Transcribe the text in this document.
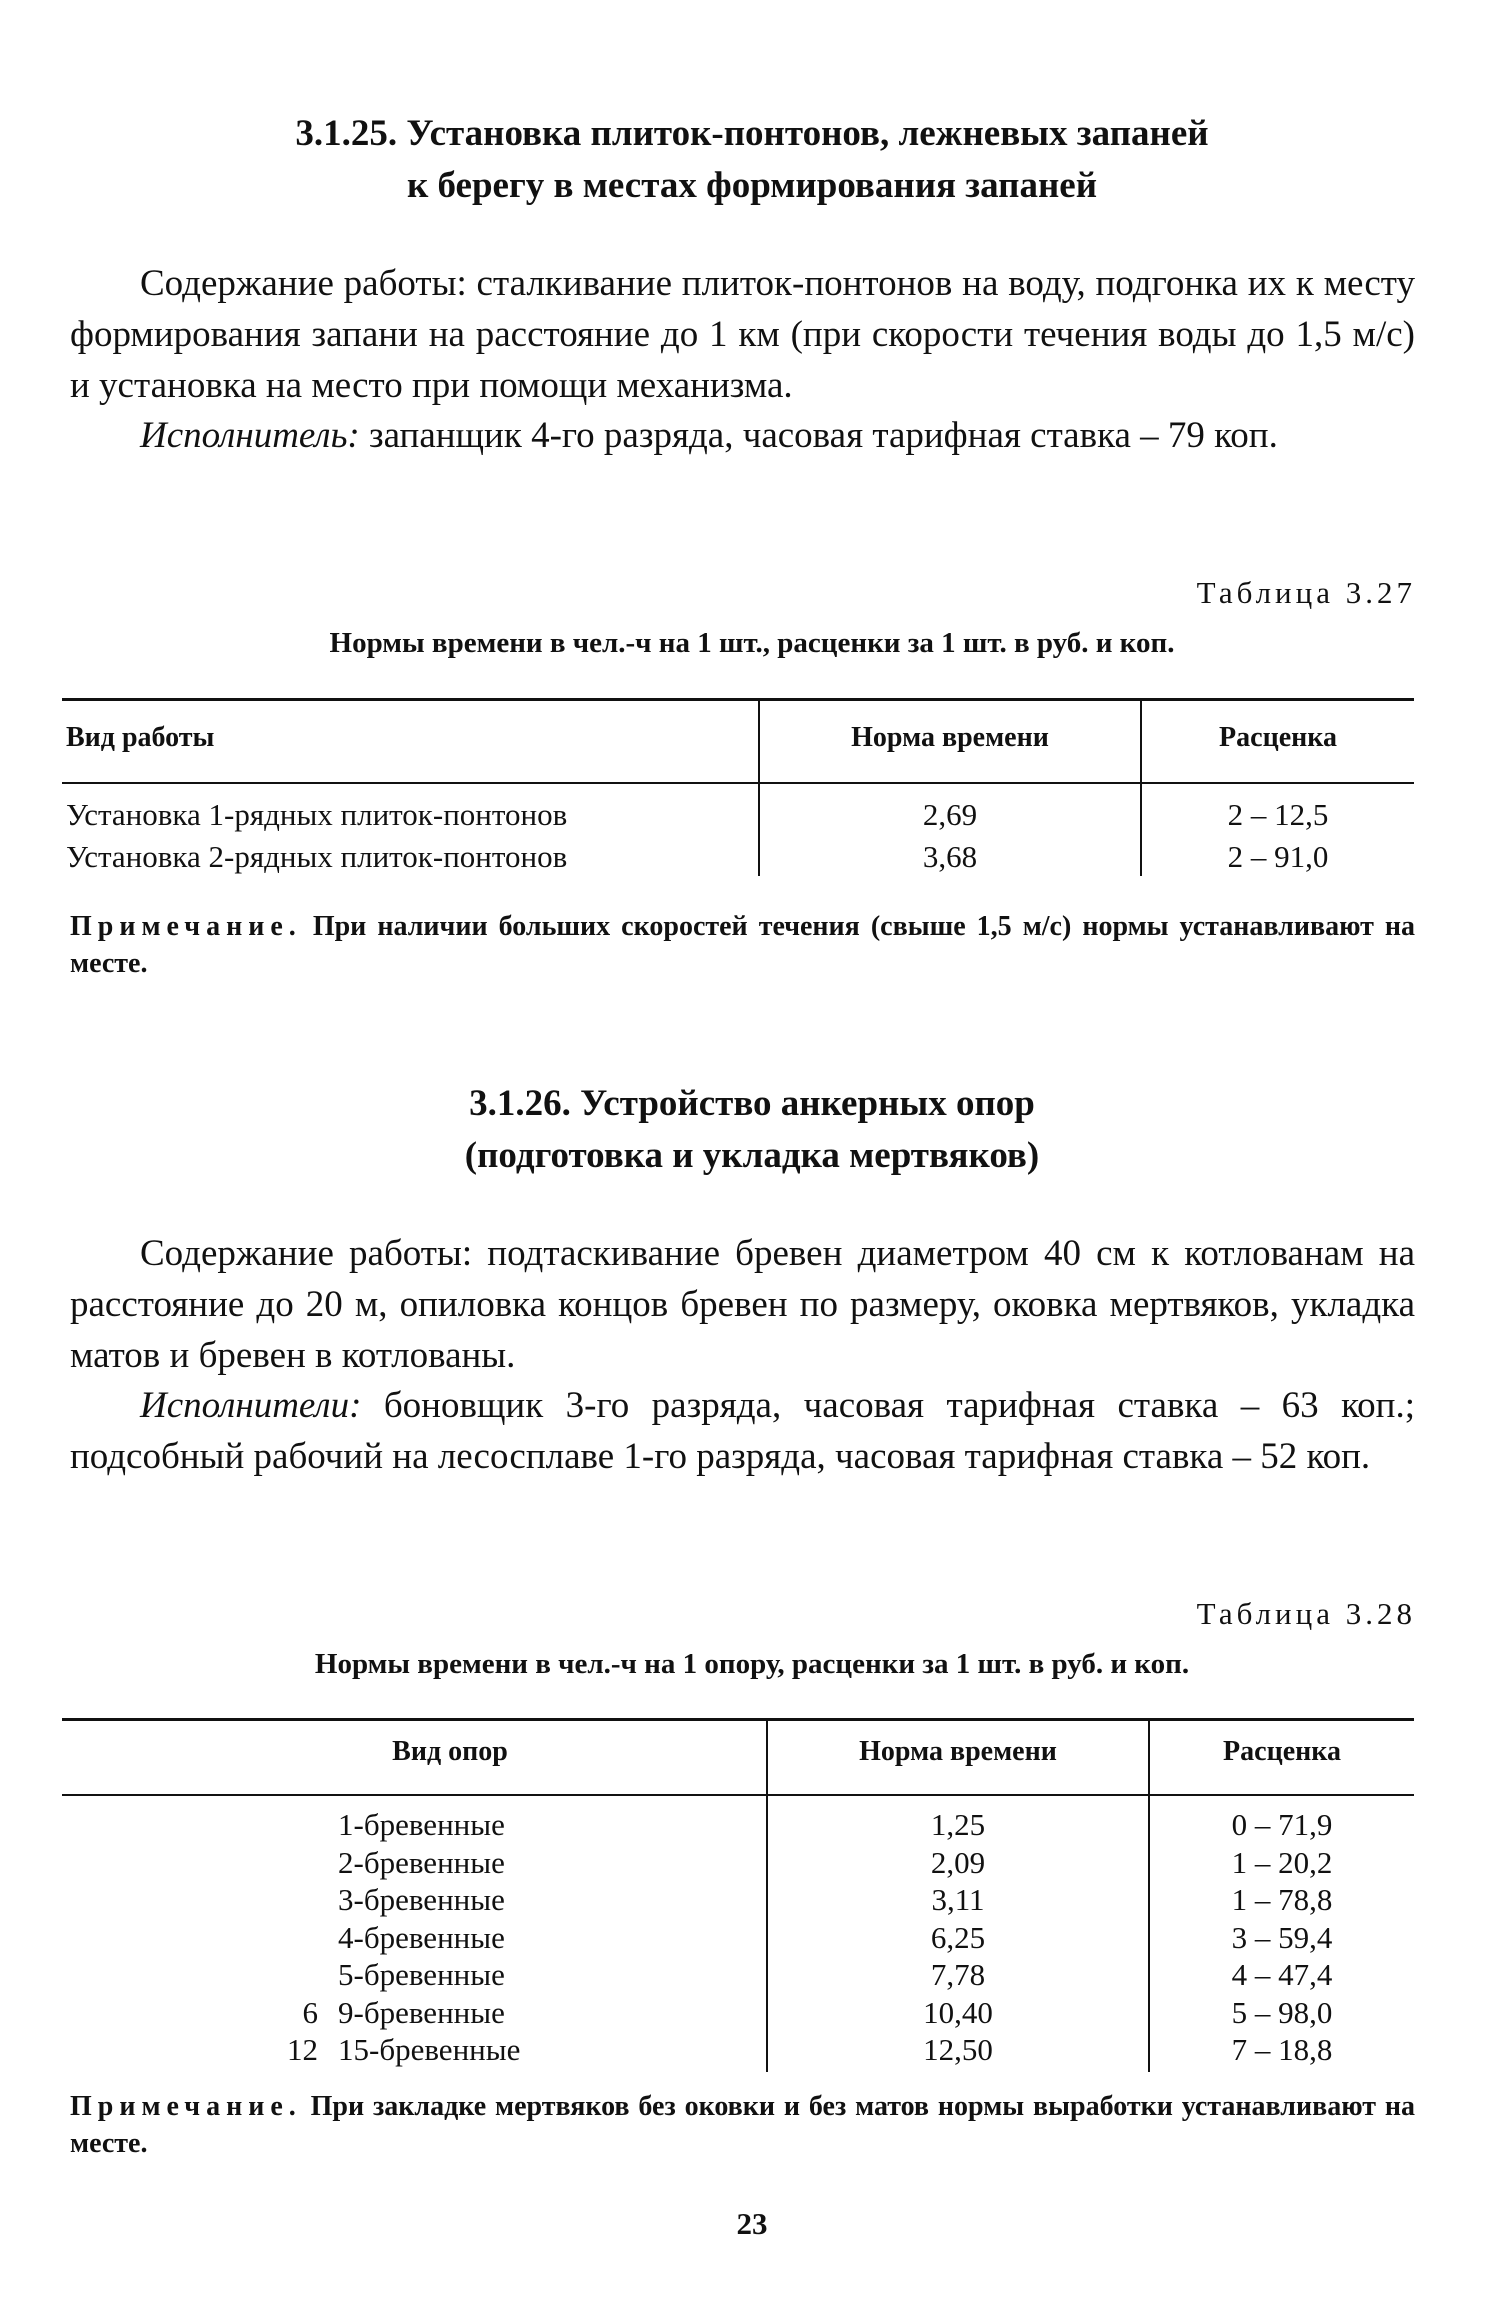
3.1.25. Установка плиток-понтонов, лежневых запаней
к берегу в местах формирования запаней

Содержание работы: сталкивание плиток-понтонов на воду, подгонка их к месту формирования запани на расстояние до 1 км (при скорости течения воды до 1,5 м/с) и установка на место при помощи механизма.

Исполнитель: запанщик 4-го разряда, часовая тарифная ставка – 79 коп.

Таблица 3.27
Нормы времени в чел.-ч на 1 шт., расценки за 1 шт. в руб. и коп.
Вид работы	Норма времени	Расценка
Установка 1-рядных плиток-понтонов	2,69	2 – 12,5
Установка 2-рядных плиток-понтонов	3,68	2 – 91,0

Примечание. При наличии больших скоростей течения (свыше 1,5 м/с) нормы устанавливают на месте.

3.1.26. Устройство анкерных опор
(подготовка и укладка мертвяков)

Содержание работы: подтаскивание бревен диаметром 40 см к котлованам на расстояние до 20 м, опиловка концов бревен по размеру, оковка мертвяков, укладка матов и бревен в котлованы.

Исполнители: боновщик 3-го разряда, часовая тарифная ставка – 63 коп.; подсобный рабочий на лесосплаве 1-го разряда, часовая тарифная ставка – 52 коп.

Таблица 3.28
Нормы времени в чел.-ч на 1 опору, расценки за 1 шт. в руб. и коп.
Вид опор	Норма времени	Расценка
1-бревенные	1,25	0 – 71,9
2-бревенные	2,09	1 – 20,2
3-бревенные	3,11	1 – 78,8
4-бревенные	6,25	3 – 59,4
5-бревенные	7,78	4 – 47,4
6 9-бревенные	10,40	5 – 98,0
12 15-бревенные	12,50	7 – 18,8

Примечание. При закладке мертвяков без оковки и без матов нормы выработки устанавливают на месте.

23
